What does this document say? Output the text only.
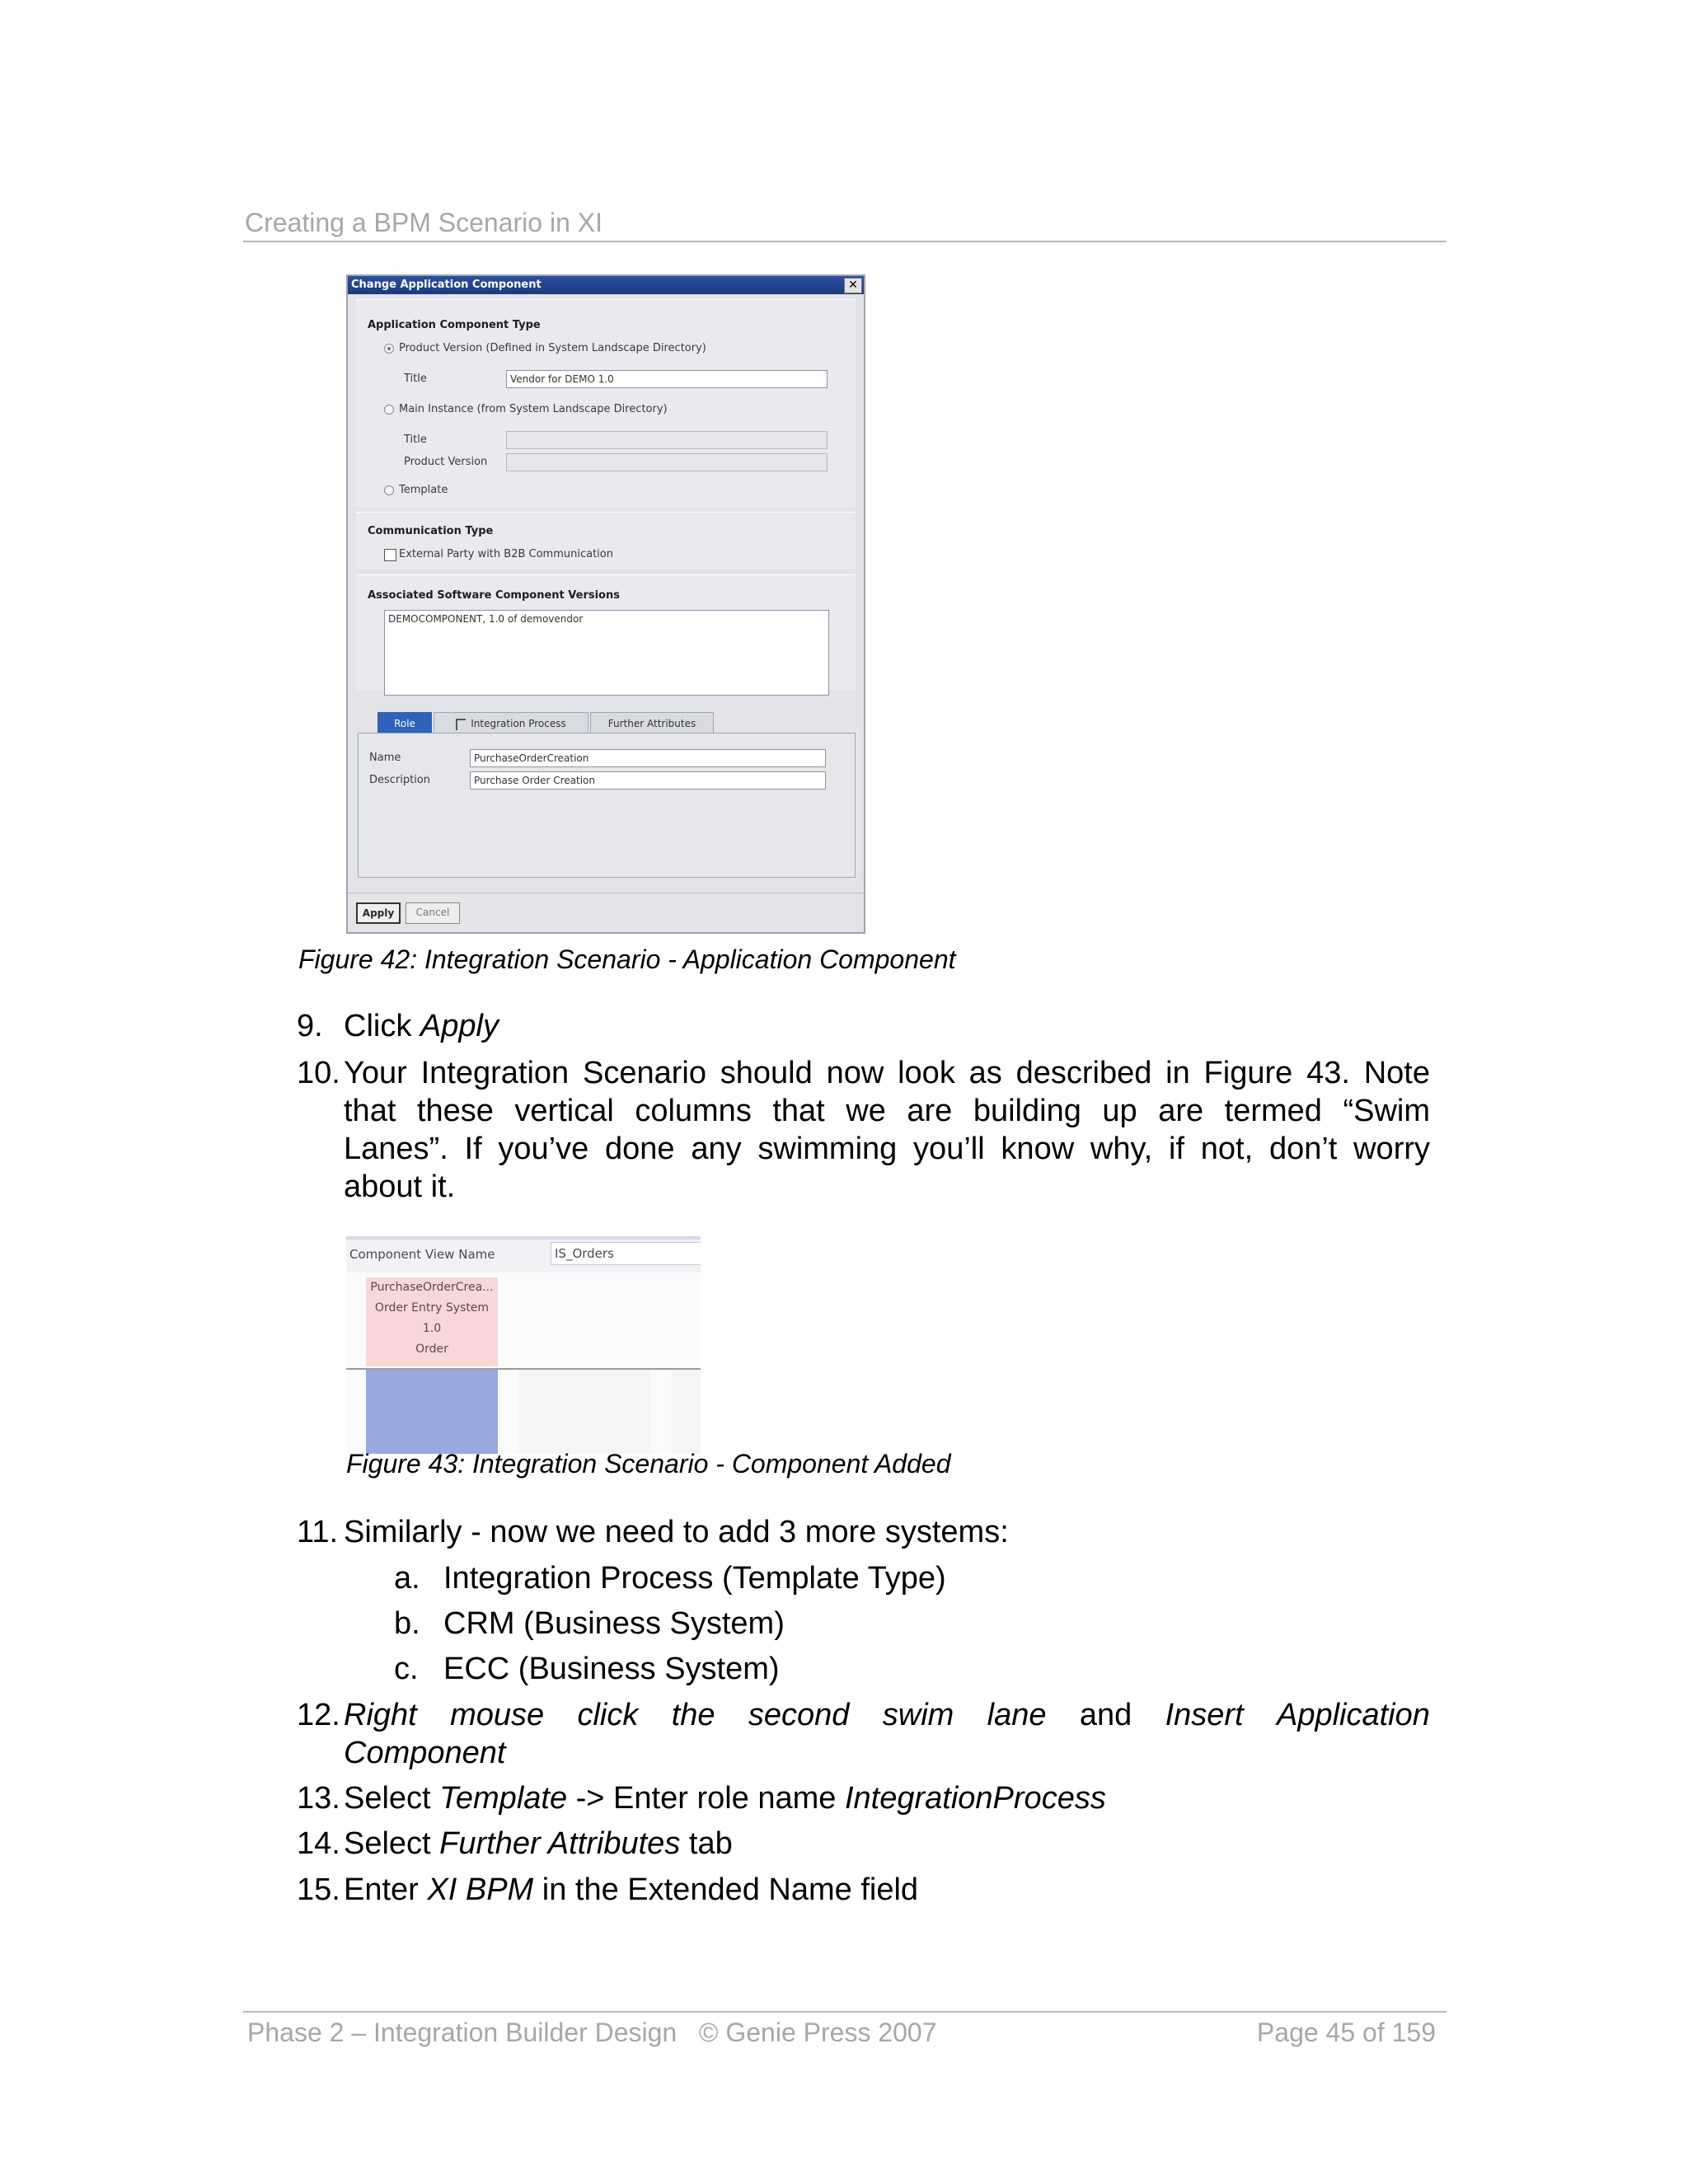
Creating a BPM Scenario in XI
Change Application Component	✕
Application Component Type
Product Version (Defined in System Landscape Directory)
Title	Vendor for DEMO 1.0
Main Instance (from System Landscape Directory)
Title
Product Version
Template
Communication Type
External Party with B2B Communication
Associated Software Component Versions
DEMOCOMPONENT, 1.0 of demovendor
Role	Integration Process	Further Attributes
Name	PurchaseOrderCreation
Description	Purchase Order Creation
Apply	Cancel
Figure 42: Integration Scenario - Application Component
9. Click Apply
10. Your Integration Scenario should now look as described in Figure 43. Note
that these vertical columns that we are building up are termed “Swim
Lanes”. If you’ve done any swimming you’ll know why, if not, don’t worry
about it.
Component View Name	IS_Orders
PurchaseOrderCrea...
Order Entry System
1.0
Order
Figure 43: Integration Scenario - Component Added
11. Similarly - now we need to add 3 more systems:
a. Integration Process (Template Type)
b. CRM (Business System)
c. ECC (Business System)
12. Right mouse click the second swim lane and Insert Application
Component
13. Select Template -> Enter role name IntegrationProcess
14. Select Further Attributes tab
15. Enter XI BPM in the Extended Name field
Phase 2 – Integration Builder Design   © Genie Press 2007	Page 45 of 159
